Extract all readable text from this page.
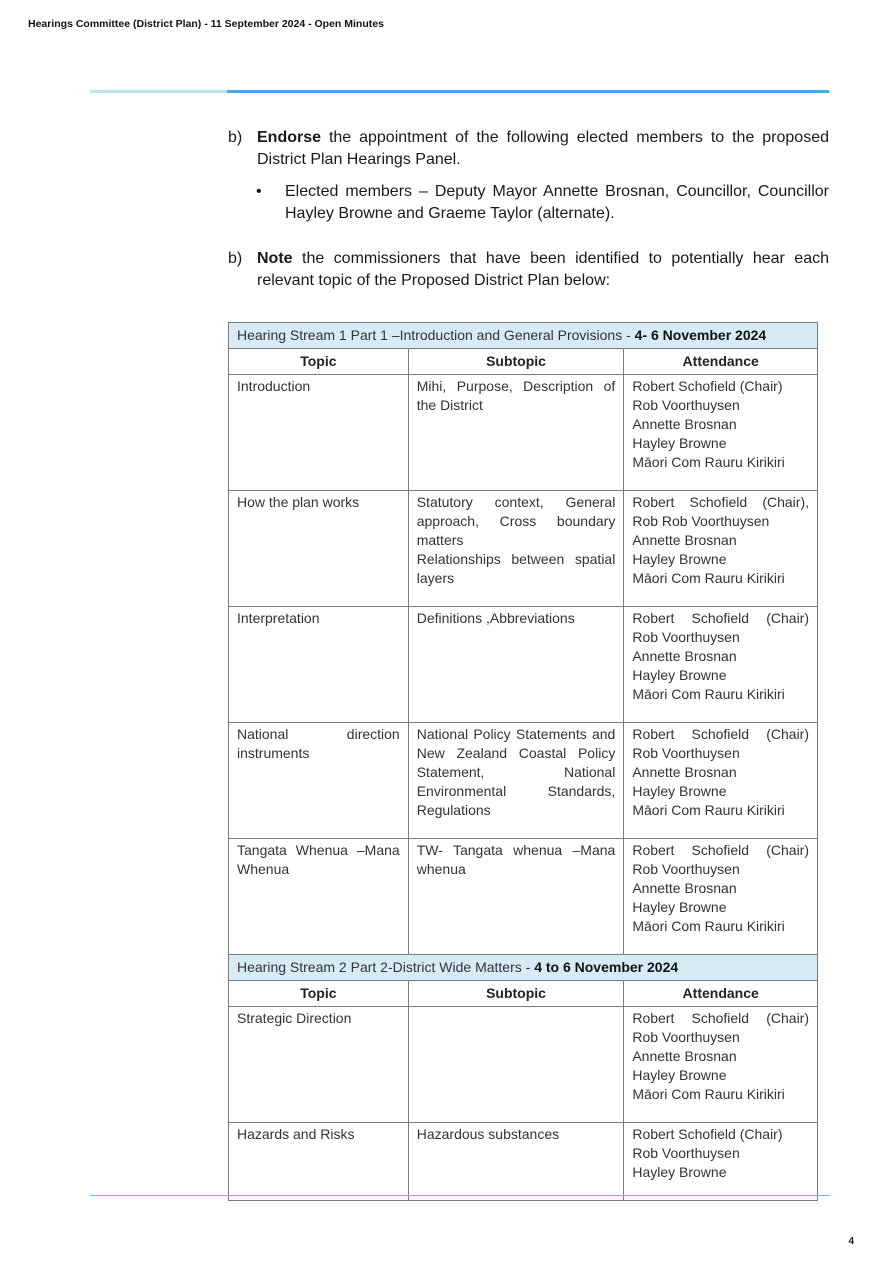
Hearings Committee (District Plan) - 11 September 2024 - Open Minutes
b) Endorse the appointment of the following elected members to the proposed District Plan Hearings Panel.
• Elected members – Deputy Mayor Annette Brosnan, Councillor, Councillor Hayley Browne and Graeme Taylor (alternate).
b) Note the commissioners that have been identified to potentially hear each relevant topic of the Proposed District Plan below:
Hearing Stream 1 Part 1 –Introduction and General Provisions - 4- 6 November 2024		
Topic	Subtopic	Attendance
Introduction	Mihi, Purpose, Description of the District	Robert Schofield (Chair)
Rob Voorthuysen
Annette Brosnan
Hayley Browne
Māori Com Rauru Kirikiri

How the plan works	Statutory context, General approach, Cross boundary matters
Relationships between spatial layers	Robert Schofield (Chair), Rob Rob Voorthuysen
Annette Brosnan
Hayley Browne
Māori Com Rauru Kirikiri

Interpretation	Definitions ,Abbreviations	Robert Schofield (Chair) Rob Voorthuysen
Annette Brosnan
Hayley Browne
Māori Com Rauru Kirikiri

National direction instruments	National Policy Statements and New Zealand Coastal Policy Statement, National Environmental Standards, Regulations	Robert Schofield (Chair) Rob Voorthuysen
Annette Brosnan
Hayley Browne
Māori Com Rauru Kirikiri

Tangata Whenua –Mana Whenua	TW- Tangata whenua –Mana whenua	Robert Schofield (Chair) Rob Voorthuysen
Annette Brosnan
Hayley Browne
Māori Com Rauru Kirikiri

Hearing Stream 2 Part 2-District Wide Matters - 4 to 6 November 2024		
Topic	Subtopic	Attendance
Strategic Direction		Robert Schofield (Chair) Rob Voorthuysen
Annette Brosnan
Hayley Browne
Māori Com Rauru Kirikiri

Hazards and Risks	Hazardous substances	Robert Schofield (Chair)
Rob Voorthuysen
Hayley Browne
4
